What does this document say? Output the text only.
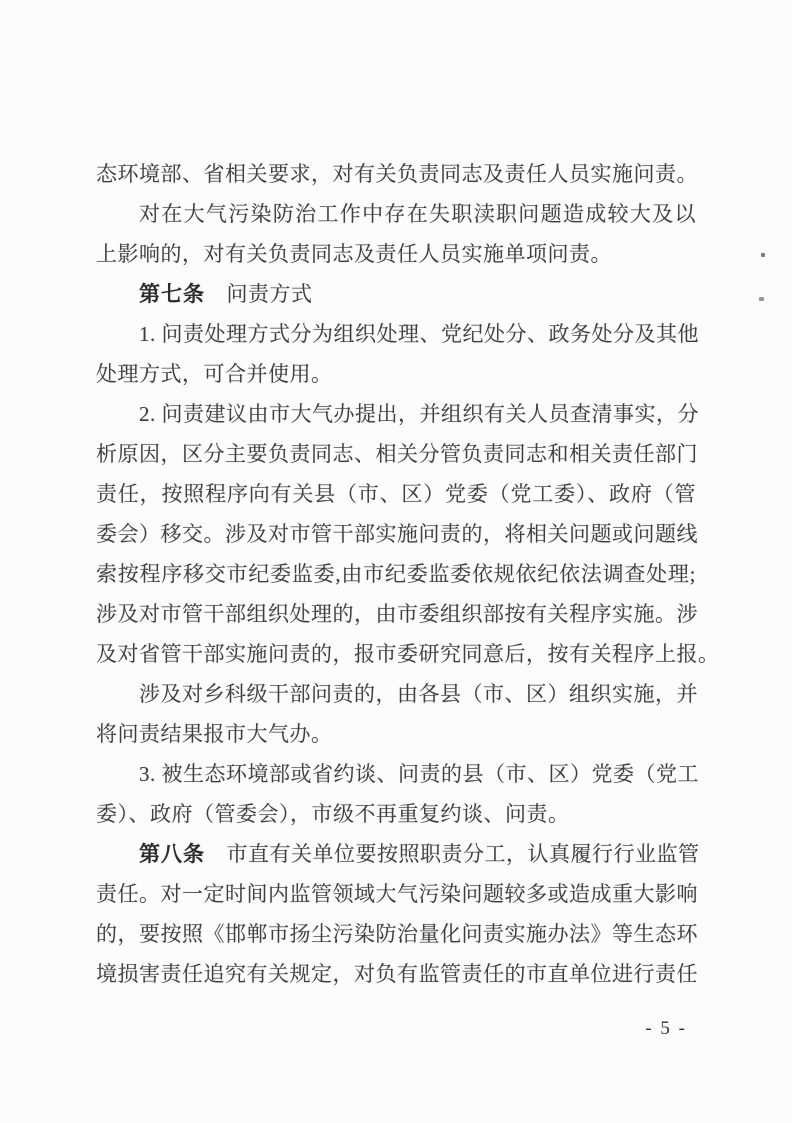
态环境部、省相关要求，对有关负责同志及责任人员实施问责。
对在大气污染防治工作中存在失职渎职问题造成较大及以
上影响的，对有关负责同志及责任人员实施单项问责。
第七条　问责方式
1. 问责处理方式分为组织处理、党纪处分、政务处分及其他
处理方式，可合并使用。
2. 问责建议由市大气办提出，并组织有关人员查清事实，分
析原因，区分主要负责同志、相关分管负责同志和相关责任部门
责任，按照程序向有关县（市、区）党委（党工委）、政府（管
委会）移交。涉及对市管干部实施问责的，将相关问题或问题线
索按程序移交市纪委监委,由市纪委监委依规依纪依法调查处理;
涉及对市管干部组织处理的，由市委组织部按有关程序实施。涉
及对省管干部实施问责的，报市委研究同意后，按有关程序上报。
涉及对乡科级干部问责的，由各县（市、区）组织实施，并
将问责结果报市大气办。
3. 被生态环境部或省约谈、问责的县（市、区）党委（党工
委）、政府（管委会），市级不再重复约谈、问责。
第八条　市直有关单位要按照职责分工，认真履行行业监管
责任。对一定时间内监管领域大气污染问题较多或造成重大影响
的，要按照《邯郸市扬尘污染防治量化问责实施办法》等生态环
境损害责任追究有关规定，对负有监管责任的市直单位进行责任
- 5 -
